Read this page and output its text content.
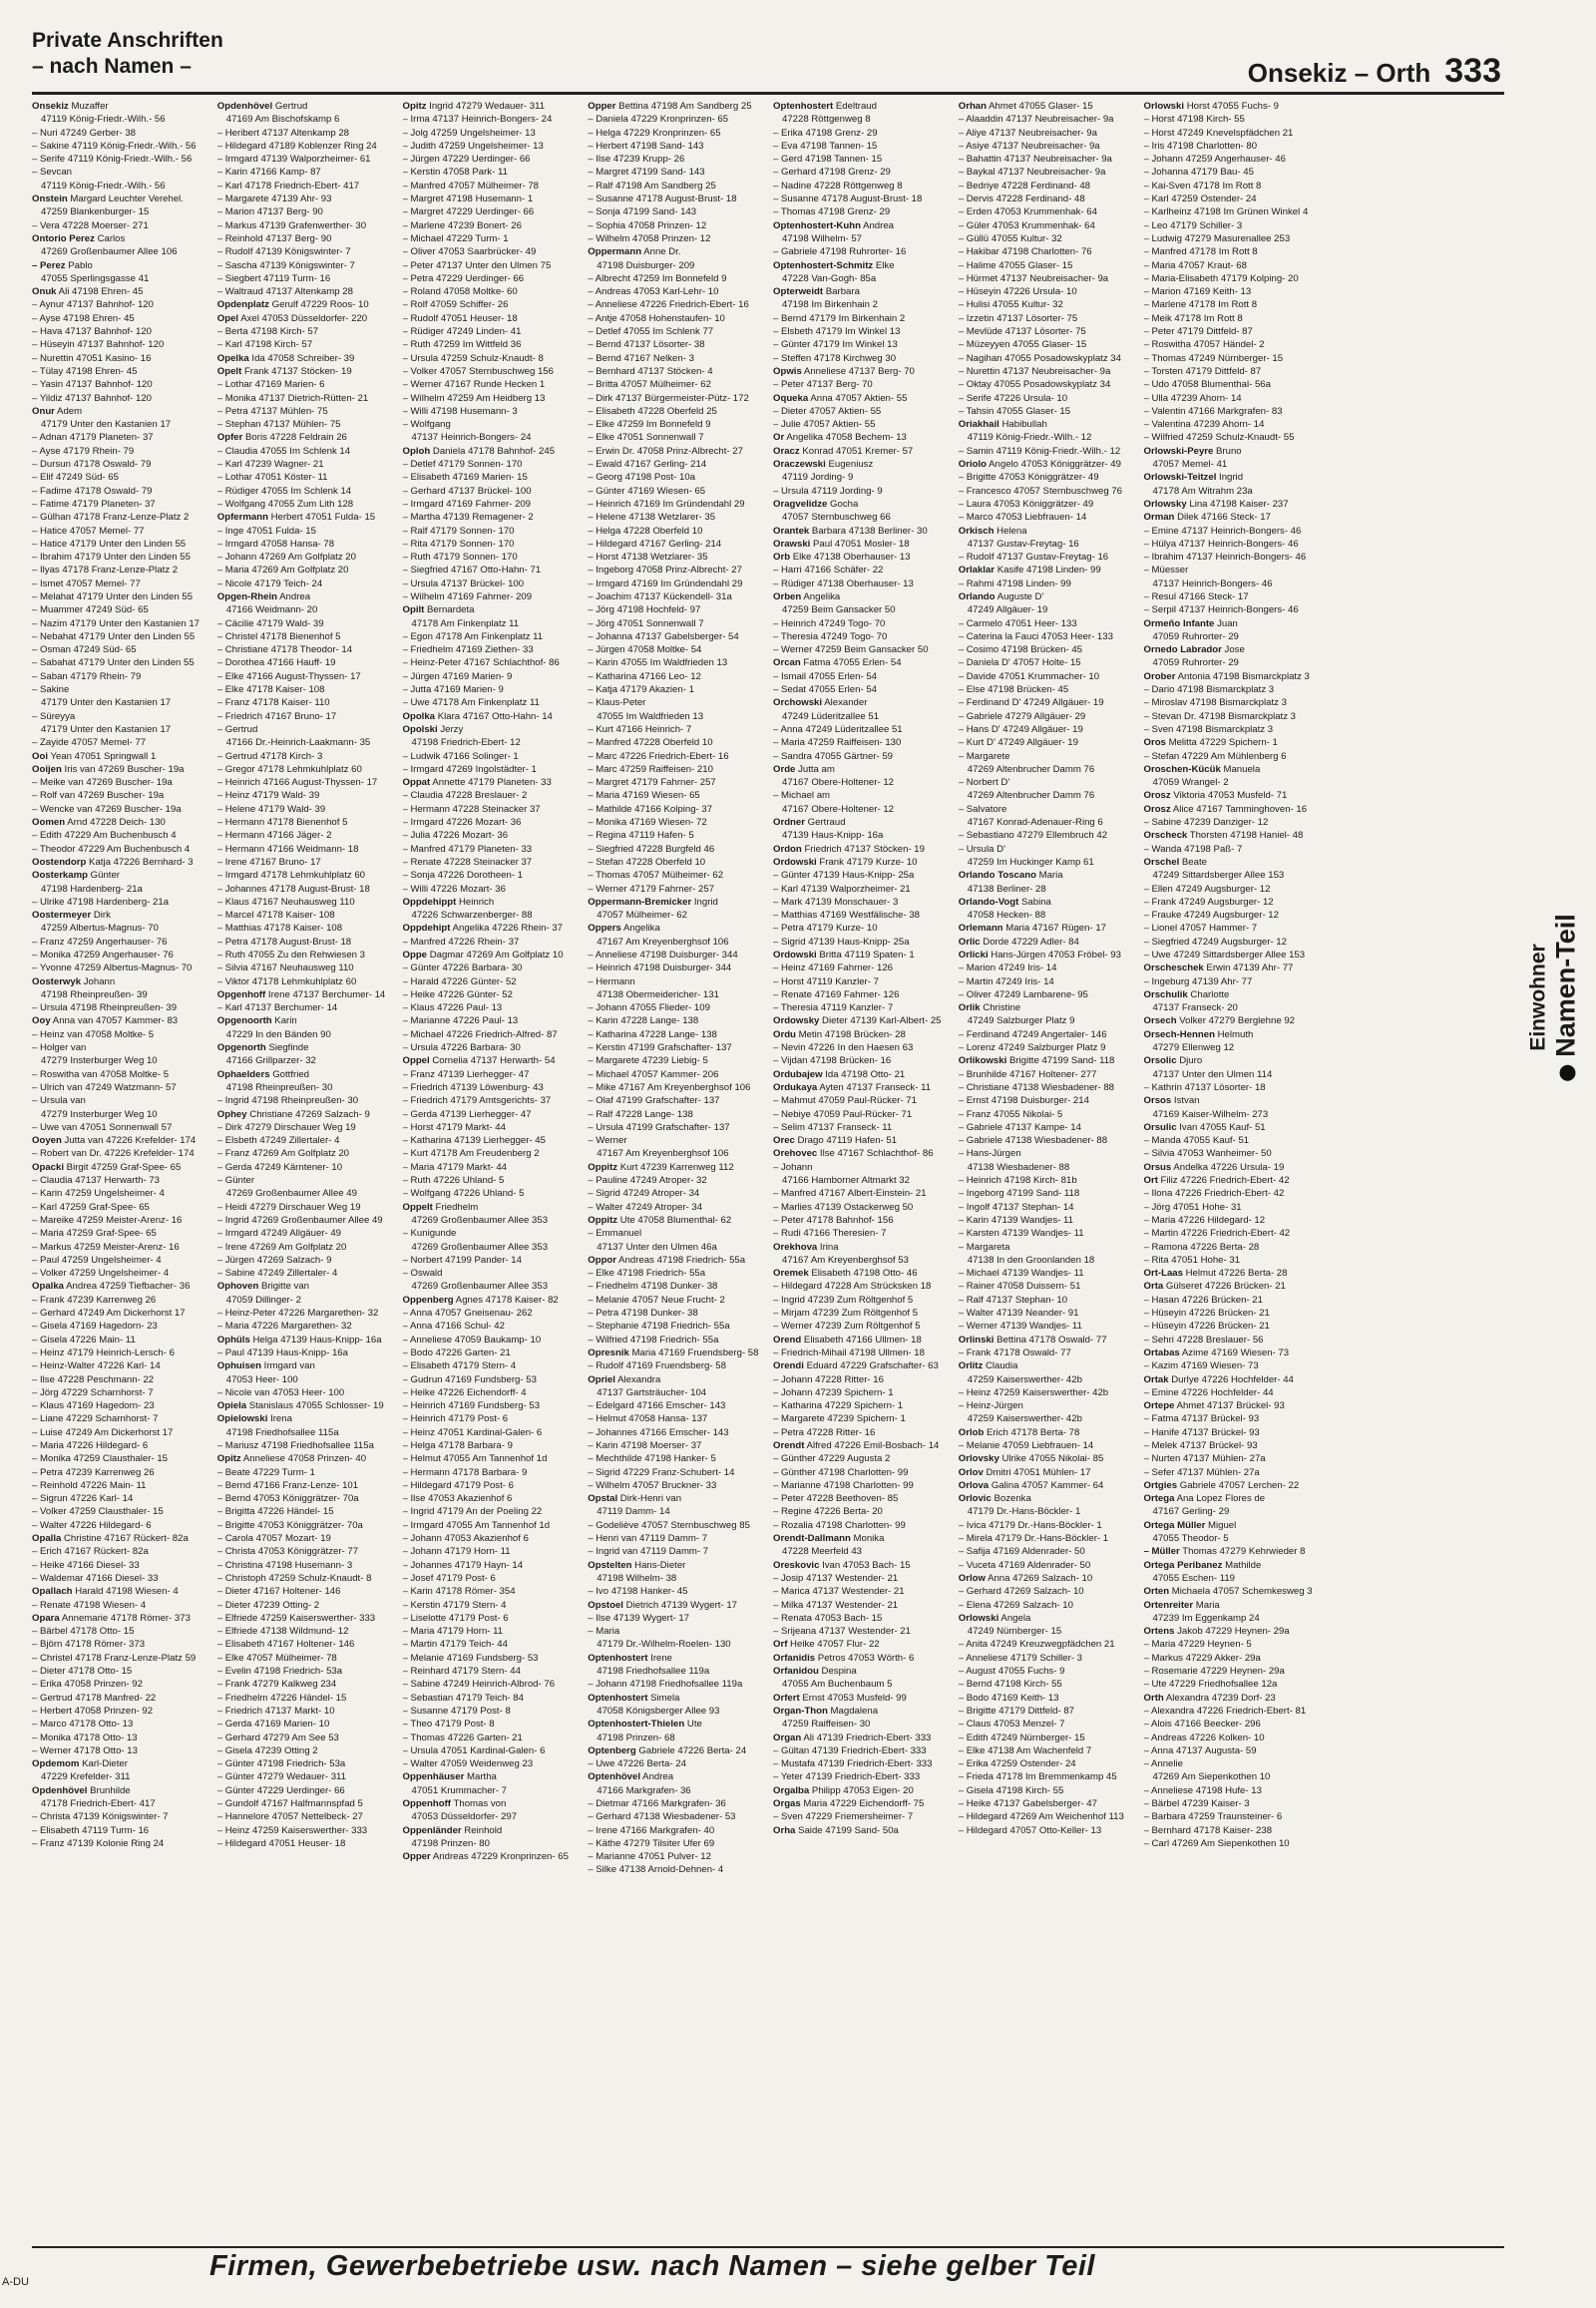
Private Anschriften
– nach Namen –	Onsekiz – Orth 333

Onsekiz Muzaffer

47119 König-Friedr.-Wilh.- 56

– Nuri 47249 Gerber- 38

– Sakine 47119 König-Friedr.-Wilh.- 56

– Serife 47119 König-Friedr.-Wilh.- 56

– Sevcan

47119 König-Friedr.-Wilh.- 56

Onstein Margard Leuchter Verehel.

47259 Blankenburger- 15

– Vera 47228 Moerser- 271

Ontorio Perez Carlos

47269 Großenbaumer Allee 106

– Perez Pablo

47055 Sperlingsgasse 41

Onuk Ali 47198 Ehren- 45

– Aynur 47137 Bahnhof- 120

– Ayse 47198 Ehren- 45

– Hava 47137 Bahnhof- 120

– Hüseyin 47137 Bahnhof- 120

– Nurettin 47051 Kasino- 16

– Tülay 47198 Ehren- 45

– Yasin 47137 Bahnhof- 120

– Yildiz 47137 Bahnhof- 120

Onur Adem

47179 Unter den Kastanien 17

– Adnan 47179 Planeten- 37

– Ayse 47179 Rhein- 79

– Dursun 47178 Oswald- 79

– Elif 47249 Süd- 65

– Fadime 47178 Oswald- 79

– Fatime 47179 Planeten- 37

– Gülhan 47178 Franz-Lenze-Platz 2

– Hatice 47057 Memel- 77

– Hatice 47179 Unter den Linden 55

– Ibrahim 47179 Unter den Linden 55

– Ilyas 47178 Franz-Lenze-Platz 2

– Ismet 47057 Memel- 77

– Melahat 47179 Unter den Linden 55

– Muammer 47249 Süd- 65

– Nazim 47179 Unter den Kastanien 17

– Nebahat 47179 Unter den Linden 55

– Osman 47249 Süd- 65

– Sabahat 47179 Unter den Linden 55

– Saban 47179 Rhein- 79

– Sakine

47179 Unter den Kastanien 17

– Süreyya

47179 Unter den Kastanien 17

– Zayide 47057 Memel- 77

Ooi Yean 47051 Springwall 1

Ooijen Iris van 47269 Buscher- 19a

– Meike van 47269 Buscher- 19a

– Rolf van 47269 Buscher- 19a

– Wencke van 47269 Buscher- 19a

Oomen Arnd 47228 Deich- 130

– Edith 47229 Am Buchenbusch 4

– Theodor 47229 Am Buchenbusch 4

Oostendorp Katja 47226 Bernhard- 3

Oosterkamp Günter

47198 Hardenberg- 21a

– Ulrike 47198 Hardenberg- 21a

Oostermeyer Dirk

47259 Albertus-Magnus- 70

– Franz 47259 Angerhauser- 76

– Monika 47259 Angerhauser- 76

– Yvonne 47259 Albertus-Magnus- 70

Oosterwyk Johann

47198 Rheinpreußen- 39

– Ursula 47198 Rheinpreußen- 39

Ooy Anna van 47057 Kammer- 83

– Heinz van 47058 Moltke- 5

– Holger van

47279 Insterburger Weg 10

– Roswitha van 47058 Moltke- 5

– Ulrich van 47249 Watzmann- 57

– Ursula van

47279 Insterburger Weg 10

– Uwe van 47051 Sonnenwall 57

Ooyen Jutta van 47226 Krefelder- 174

– Robert van Dr. 47226 Krefelder- 174

Opacki Birgit 47259 Graf-Spee- 65

– Claudia 47137 Herwarth- 73

– Karin 47259 Ungelsheimer- 4

– Karl 47259 Graf-Spee- 65

– Mareike 47259 Meister-Arenz- 16

– Maria 47259 Graf-Spee- 65

– Markus 47259 Meister-Arenz- 16

– Paul 47259 Ungelsheimer- 4

– Volker 47259 Ungelsheimer- 4

Opalka Andrea 47259 Tiefbacher- 36

– Frank 47239 Karrenweg 26

– Gerhard 47249 Am Dickerhorst 17

– Gisela 47169 Hagedorn- 23

– Gisela 47226 Main- 11

– Heinz 47179 Heinrich-Lersch- 6

– Heinz-Walter 47226 Karl- 14

– Ilse 47228 Peschmann- 22

– Jörg 47229 Scharnhorst- 7

– Klaus 47169 Hagedorn- 23

– Liane 47229 Scharnhorst- 7

– Luise 47249 Am Dickerhorst 17

– Maria 47226 Hildegard- 6

– Monika 47259 Clausthaler- 15

– Petra 47239 Karrenweg 26

– Reinhold 47226 Main- 11

– Sigrun 47226 Karl- 14

– Volker 47259 Clausthaler- 15

– Walter 47226 Hildegard- 6

Opalla Christine 47167 Rückert- 82a

– Erich 47167 Rückert- 82a

– Heike 47166 Diesel- 33

– Waldemar 47166 Diesel- 33

Opallach Harald 47198 Wiesen- 4

– Renate 47198 Wiesen- 4

Opara Annemarie 47178 Römer- 373

– Bärbel 47178 Otto- 15

– Björn 47178 Römer- 373

– Christel 47178 Franz-Lenze-Platz 59

– Dieter 47178 Otto- 15

– Erika 47058 Prinzen- 92

– Gertrud 47178 Manfred- 22

– Herbert 47058 Prinzen- 92

– Marco 47178 Otto- 13

– Monika 47178 Otto- 13

– Werner 47178 Otto- 13

Opdemom Karl-Dieter

47229 Krefelder- 311

Opdenhövel Brunhilde

47178 Friedrich-Ebert- 417

– Christa 47139 Königswinter- 7

– Elisabeth 47119 Turm- 16

– Franz 47139 Kolonie Ring 24

Opdenhövel Gertrud

47169 Am Bischofskamp 6

– Heribert 47137 Altenkamp 28

– Hildegard 47189 Koblenzer Ring 24

– Irmgard 47139 Walporzheimer- 61

– Karin 47166 Kamp- 87

– Karl 47178 Friedrich-Ebert- 417

– Margarete 47139 Ahr- 93

– Marion 47137 Berg- 90

– Markus 47139 Grafenwerther- 30

– Reinhold 47137 Berg- 90

– Rudolf 47139 Königswinter- 7

– Sascha 47139 Königswinter- 7

– Siegbert 47119 Turm- 16

– Waltraud 47137 Altenkamp 28

Opdenplatz Gerulf 47229 Roos- 10

Opel Axel 47053 Düsseldorfer- 220

– Berta 47198 Kirch- 57

– Karl 47198 Kirch- 57

Opelka Ida 47058 Schreiber- 39

Opelt Frank 47137 Stöcken- 19

– Lothar 47169 Marien- 6

– Monika 47137 Dietrich-Rütten- 21

– Petra 47137 Mühlen- 75

– Stephan 47137 Mühlen- 75

Opfer Boris 47228 Feldrain 26

– Claudia 47055 Im Schlenk 14

– Karl 47239 Wagner- 21

– Lothar 47051 Köster- 11

– Rüdiger 47055 Im Schlenk 14

– Wolfgang 47055 Zum Lith 128

Opfermann Herbert 47051 Fulda- 15

– Inge 47051 Fulda- 15

– Irmgard 47058 Hansa- 78

– Johann 47269 Am Golfplatz 20

– Maria 47269 Am Golfplatz 20

– Nicole 47179 Teich- 24

Opgen-Rhein Andrea

47166 Weidmann- 20

– Cäcilie 47179 Wald- 39

– Christel 47178 Bienenhof 5

– Christiane 47178 Theodor- 14

– Dorothea 47166 Hauff- 19

– Elke 47166 August-Thyssen- 17

– Elke 47178 Kaiser- 108

– Franz 47178 Kaiser- 110

– Friedrich 47167 Bruno- 17

– Gertrud

47166 Dr.-Heinrich-Laakmann- 35

– Gertrud 47178 Kirch- 3

– Gregor 47178 Lehmkuhlplatz 60

– Heinrich 47166 August-Thyssen- 17

– Heinz 47179 Wald- 39

– Helene 47179 Wald- 39

– Hermann 47178 Bienenhof 5

– Hermann 47166 Jäger- 2

– Hermann 47166 Weidmann- 18

– Irene 47167 Bruno- 17

– Irmgard 47178 Lehmkuhlplatz 60

– Johannes 47178 August-Brust- 18

– Klaus 47167 Neuhausweg 110

– Marcel 47178 Kaiser- 108

– Matthias 47178 Kaiser- 108

– Petra 47178 August-Brust- 18

– Ruth 47055 Zu den Rehwiesen 3

– Silvia 47167 Neuhausweg 110

– Viktor 47178 Lehmkuhlplatz 60

Opgenhoff Irene 47137 Berchumer- 14

– Karl 47137 Berchumer- 14

Opgenoorth Karin

47229 In den Bänden 90

Opgenorth Siegfinde

47166 Grillparzer- 32

Ophaelders Gottfried

47198 Rheinpreußen- 30

– Ingrid 47198 Rheinpreußen- 30

Ophey Christiane 47269 Salzach- 9

– Dirk 47279 Dirschauer Weg 19

– Elsbeth 47249 Zillertaler- 4

– Franz 47269 Am Golfplatz 20

– Gerda 47249 Kärntener- 10

– Günter

47269 Großenbaumer Allee 49

– Heidi 47279 Dirschauer Weg 19

– Ingrid 47269 Großenbaumer Allee 49

– Irmgard 47249 Allgäuer- 49

– Irene 47269 Am Golfplatz 20

– Jürgen 47269 Salzach- 9

– Sabine 47249 Zillertaler- 4

Ophoven Brigitte van

47059 Dillinger- 2

– Heinz-Peter 47226 Margarethen- 32

– Maria 47226 Margarethen- 32

Ophüls Helga 47139 Haus-Knipp- 16a

– Paul 47139 Haus-Knipp- 16a

Ophuisen Irmgard van

47053 Heer- 100

– Nicole van 47053 Heer- 100

Opiela Stanislaus 47055 Schlosser- 19

Opielowski Irena

47198 Friedhofsallee 115a

– Mariusz 47198 Friedhofsallee 115a

Opitz Anneliese 47058 Prinzen- 40

– Beate 47229 Turm- 1

– Bernd 47166 Franz-Lenze- 101

– Bernd 47053 Königgrätzer- 70a

– Brigitta 47226 Händel- 15

– Brigitte 47053 Königgrätzer- 70a

– Carola 47057 Mozart- 19

– Christa 47053 Königgrätzer- 77

– Christina 47198 Husemann- 3

– Christoph 47259 Schulz-Knaudt- 8

– Dieter 47167 Holtener- 146

– Dieter 47239 Otting- 2

– Elfriede 47259 Kaiserswerther- 333

– Elfriede 47138 Wildmund- 12

– Elisabeth 47167 Holtener- 146

– Elke 47057 Mülheimer- 78

– Evelin 47198 Friedrich- 53a

– Frank 47279 Kalkweg 234

– Friedhelm 47226 Händel- 15

– Friedrich 47137 Markt- 10

– Gerda 47169 Marien- 10

– Gerhard 47279 Am See 53

– Gisela 47239 Otting 2

– Günter 47198 Friedrich- 53a

– Günter 47279 Wedauer- 311

– Günter 47229 Uerdinger- 66

– Gundolf 47167 Halfmannspfad 5

– Hannelore 47057 Nettelbeck- 27

– Heinz 47259 Kaiserswerther- 333

– Hildegard 47051 Heuser- 18

Opitz Ingrid 47279 Wedauer- 311

– Irma 47137 Heinrich-Bongers- 24

– Jolg 47259 Ungelsheimer- 13

– Judith 47259 Ungelsheimer- 13

– Jürgen 47229 Uerdinger- 66

– Kerstin 47058 Park- 11

– Manfred 47057 Mülheimer- 78

– Margret 47198 Husemann- 1

– Margret 47229 Uerdinger- 66

– Marlene 47239 Bonert- 26

– Michael 47229 Turm- 1

– Oliver 47053 Saarbrücker- 49

– Peter 47137 Unter den Ulmen 75

– Petra 47229 Uerdinger- 66

– Roland 47058 Moltke- 60

– Rolf 47059 Schiffer- 26

– Rudolf 47051 Heuser- 18

– Rüdiger 47249 Linden- 41

– Ruth 47259 Im Wittfeld 36

– Ursula 47259 Schulz-Knaudt- 8

– Volker 47057 Sternbuschweg 156

– Werner 47167 Runde Hecken 1

– Wilhelm 47259 Am Heidberg 13

– Willi 47198 Husemann- 3

– Wolfgang

47137 Heinrich-Bongers- 24

Oploh Daniela 47178 Bahnhof- 245

– Detlef 47179 Sonnen- 170

– Elisabeth 47169 Marien- 15

– Gerhard 47137 Brückel- 100

– Irmgard 47169 Fahrner- 209

– Martha 47139 Remagener- 2

– Ralf 47179 Sonnen- 170

– Rita 47179 Sonnen- 170

– Ruth 47179 Sonnen- 170

– Siegfried 47167 Otto-Hahn- 71

– Ursula 47137 Brückel- 100

– Wilhelm 47169 Fahrner- 209

Opilt Bernardeta

47178 Am Finkenplatz 11

– Egon 47178 Am Finkenplatz 11

– Friedhelm 47169 Ziethen- 33

– Heinz-Peter 47167 Schlachthof- 86

– Jürgen 47169 Marien- 9

– Jutta 47169 Marien- 9

– Uwe 47178 Am Finkenplatz 11

Opolka Klara 47167 Otto-Hahn- 14

Opolski Jerzy

47198 Friedrich-Ebert- 12

– Ludwik 47166 Solinger- 1

– Irmgard 47269 Ingolstädter- 1

Oppat Annette 47179 Planeten- 33

– Claudia 47228 Breslauer- 2

– Hermann 47228 Steinacker 37

– Irmgard 47226 Mozart- 36

– Julia 47226 Mozart- 36

– Manfred 47179 Planeten- 33

– Renate 47228 Steinacker 37

– Sonja 47226 Dorotheen- 1

– Willi 47226 Mozart- 36

Oppdehippt Heinrich

47226 Schwarzenberger- 88

Oppdehipt Angelika 47226 Rhein- 37

– Manfred 47226 Rhein- 37

Oppe Dagmar 47269 Am Golfplatz 10

– Günter 47226 Barbara- 30

– Harald 47226 Günter- 52

– Heike 47226 Günter- 52

– Klaus 47226 Paul- 13

– Marianne 47226 Paul- 13

– Michael 47226 Friedrich-Alfred- 87

– Ursula 47226 Barbara- 30

Oppel Cornelia 47137 Herwarth- 54

– Franz 47139 Lierhegger- 47

– Friedrich 47139 Löwenburg- 43

– Friedrich 47179 Amtsgerichts- 37

– Gerda 47139 Lierhegger- 47

– Horst 47179 Markt- 44

– Katharina 47139 Lierhegger- 45

– Kurt 47178 Am Freudenberg 2

– Maria 47179 Markt- 44

– Ruth 47226 Uhland- 5

– Wolfgang 47226 Uhland- 5

Oppelt Friedhelm

47269 Großenbaumer Allee 353

– Kunigunde

47269 Großenbaumer Allee 353

– Norbert 47199 Pander- 14

– Oswald

47269 Großenbaumer Allee 353

Oppenberg Agnes 47178 Kaiser- 82

– Anna 47057 Gneisenau- 262

– Anna 47166 Schul- 42

– Anneliese 47059 Baukamp- 10

– Bodo 47226 Garten- 21

– Elisabeth 47179 Stern- 4

– Gudrun 47169 Fundsberg- 53

– Heike 47226 Eichendorff- 4

– Heinrich 47169 Fundsberg- 53

– Heinrich 47179 Post- 6

– Heinz 47051 Kardinal-Galen- 6

– Helga 47178 Barbara- 9

– Helmut 47055 Am Tannenhof 1d

– Hermann 47178 Barbara- 9

– Hildegard 47179 Post- 6

– Ilse 47053 Akazienhof 6

– Ingrid 47179 An der Poeling 22

– Irmgard 47055 Am Tannenhof 1d

– Johann 47053 Akazienhof 6

– Johann 47179 Horn- 11

– Johannes 47179 Hayn- 14

– Josef 47179 Post- 6

– Karin 47178 Römer- 354

– Kerstin 47179 Stern- 4

– Liselotte 47179 Post- 6

– Maria 47179 Horn- 11

– Martin 47179 Teich- 44

– Melanie 47169 Fundsberg- 53

– Reinhard 47179 Stern- 44

– Sabine 47249 Heinrich-Albrod- 76

– Sebastian 47179 Teich- 84

– Susanne 47179 Post- 8

– Theo 47179 Post- 8

– Thomas 47226 Garten- 21

– Ursula 47051 Kardinal-Galen- 6

– Walter 47059 Weidenweg 23

Oppenhäuser Martha

47051 Krummacher- 7

Oppenhoff Thomas von

47053 Düsseldorfer- 297

Oppenländer Reinhold

47198 Prinzen- 80

Opper Andreas 47229 Kronprinzen- 65

Opper Bettina 47198 Am Sandberg 25

– Daniela 47229 Kronprinzen- 65

– Helga 47229 Kronprinzen- 65

– Herbert 47198 Sand- 143

– Ilse 47239 Krupp- 26

– Margret 47199 Sand- 143

– Ralf 47198 Am Sandberg 25

– Susanne 47178 August-Brust- 18

– Sonja 47199 Sand- 143

– Sophia 47058 Prinzen- 12

– Wilhelm 47058 Prinzen- 12

Oppermann Anne Dr.

47198 Duisburger- 209

– Albrecht 47259 Im Bonnefeld 9

– Andreas 47053 Karl-Lehr- 10

– Anneliese 47226 Friedrich-Ebert- 16

– Antje 47058 Hohenstaufen- 10

– Detlef 47055 Im Schlenk 77

– Bernd 47137 Lösorter- 38

– Bernd 47167 Nelken- 3

– Bernhard 47137 Stöcken- 4

– Britta 47057 Mülheimer- 62

– Dirk 47137 Bürgermeister-Pütz- 172

– Elisabeth 47228 Oberfeld 25

– Elke 47259 Im Bonnefeld 9

– Elke 47051 Sonnenwall 7

– Erwin Dr. 47058 Prinz-Albrecht- 27

– Ewald 47167 Gerling- 214

– Georg 47198 Post- 10a

– Günter 47169 Wiesen- 65

– Heinrich 47169 Im Gründendahl 29

– Helene 47138 Wetzlarer- 35

– Helga 47228 Oberfeld 10

– Hildegard 47167 Gerling- 214

– Horst 47138 Wetzlarer- 35

– Ingeborg 47058 Prinz-Albrecht- 27

– Irmgard 47169 Im Gründendahl 29

– Joachim 47137 Kückendell- 31a

– Jörg 47198 Hochfeld- 97

– Jörg 47051 Sonnenwall 7

– Johanna 47137 Gabelsberger- 54

– Jürgen 47058 Moltke- 54

– Karin 47055 Im Waldfrieden 13

– Katharina 47166 Leo- 12

– Katja 47179 Akazien- 1

– Klaus-Peter

47055 Im Waldfrieden 13

– Kurt 47166 Heinrich- 7

– Manfred 47228 Oberfeld 10

– Marc 47226 Friedrich-Ebert- 16

– Marc 47259 Raiffeisen- 210

– Margret 47179 Fahrner- 257

– Maria 47169 Wiesen- 65

– Mathilde 47166 Kolping- 37

– Monika 47169 Wiesen- 72

– Regina 47119 Hafen- 5

– Siegfried 47228 Burgfeld 46

– Stefan 47228 Oberfeld 10

– Thomas 47057 Mülheimer- 62

– Werner 47179 Fahrner- 257

Oppermann-Bremicker Ingrid

47057 Mülheimer- 62

Oppers Angelika

47167 Am Kreyenberghsof 106

– Anneliese 47198 Duisburger- 344

– Heinrich 47198 Duisburger- 344

– Hermann

47138 Obermeidericher- 131

– Johann 47055 Flieder- 109

– Karin 47228 Lange- 138

– Katharina 47228 Lange- 138

– Kerstin 47199 Grafschafter- 137

– Margarete 47239 Liebig- 5

– Michael 47057 Kammer- 206

– Mike 47167 Am Kreyenberghsof 106

– Olaf 47199 Grafschafter- 137

– Ralf 47228 Lange- 138

– Ursula 47199 Grafschafter- 137

– Werner

47167 Am Kreyenberghsof 106

Oppitz Kurt 47239 Karrenweg 112

– Pauline 47249 Atroper- 32

– Sigrid 47249 Atroper- 34

– Walter 47249 Atroper- 34

Oppitz Ute 47058 Blumenthal- 62

– Emmanuel

47137 Unter den Ulmen 46a

Oppor Andreas 47198 Friedrich- 55a

– Elke 47198 Friedrich- 55a

– Friedhelm 47198 Dunker- 38

– Melanie 47057 Neue Frucht- 2

– Petra 47198 Dunker- 38

– Stephanie 47198 Friedrich- 55a

– Wilfried 47198 Friedrich- 55a

Opresnik Maria 47169 Fruendsberg- 58

– Rudolf 47169 Fruendsberg- 58

Opriel Alexandra

47137 Gartsträucher- 104

– Edelgard 47166 Emscher- 143

– Helmut 47058 Hansa- 137

– Johannes 47166 Emscher- 143

– Karin 47198 Moerser- 37

– Mechthilde 47198 Hanker- 5

– Sigrid 47229 Franz-Schubert- 14

– Wilhelm 47057 Bruckner- 33

Opstal Dirk-Henri van

47119 Damm- 14

– Godeliève 47057 Sternbuschweg 85

– Henri van 47119 Damm- 7

– Ingrid van 47119 Damm- 7

Opstelten Hans-Dieter

47198 Wilhelm- 38

– Ivo 47198 Hanker- 45

Opstoel Dietrich 47139 Wygert- 17

– Ilse 47139 Wygert- 17

– Maria

47179 Dr.-Wilhelm-Roelen- 130

Optenhostert Irene

47198 Friedhofsallee 119a

– Johann 47198 Friedhofsallee 119a

Optenhostert Simela

47058 Königsberger Allee 93

Optenhostert-Thielen Ute

47198 Prinzen- 68

Optenberg Gabriele 47226 Berta- 24

– Uwe 47226 Berta- 24

Optenhövel Andrea

47166 Markgrafen- 36

– Dietmar 47166 Markgrafen- 36

– Gerhard 47138 Wiesbadener- 53

– Irene 47166 Markgrafen- 40

– Käthe 47279 Tilsiter Ufer 69

– Marianne 47051 Pulver- 12

– Silke 47138 Arnold-Dehnen- 4

Optenhostert Edeltraud

47228 Röttgenweg 8

– Erika 47198 Grenz- 29

– Eva 47198 Tannen- 15

– Gerd 47198 Tannen- 15

– Gerhard 47198 Grenz- 29

– Nadine 47228 Röttgenweg 8

– Susanne 47178 August-Brust- 18

– Thomas 47198 Grenz- 29

Optenhostert-Kuhn Andrea

47198 Wilhelm- 57

– Gabriele 47198 Ruhrorter- 16

Optenhostert-Schmitz Elke

47228 Van-Gogh- 85a

Opterweidt Barbara

47198 Im Birkenhain 2

– Bernd 47179 Im Birkenhain 2

– Elsbeth 47179 Im Winkel 13

– Günter 47179 Im Winkel 13

– Steffen 47178 Kirchweg 30

Opwis Anneliese 47137 Berg- 70

– Peter 47137 Berg- 70

Oqueka Anna 47057 Aktien- 55

– Dieter 47057 Aktien- 55

– Julie 47057 Aktien- 55

Or Angelika 47058 Bechem- 13

Oracz Konrad 47051 Kremer- 57

Oraczewski Eugeniusz

47119 Jording- 9

– Ursula 47119 Jording- 9

Oragvelidze Gocha

47057 Sternbuschweg 66

Orantek Barbara 47138 Berliner- 30

Orawski Paul 47051 Mosler- 18

Orb Elke 47138 Oberhauser- 13

– Harri 47166 Schäfer- 22

– Rüdiger 47138 Oberhauser- 13

Orben Angelika

47259 Beim Gansacker 50

– Heinrich 47249 Togo- 70

– Theresia 47249 Togo- 70

– Werner 47259 Beim Gansacker 50

Orcan Fatma 47055 Erlen- 54

– Ismail 47055 Erlen- 54

– Sedat 47055 Erlen- 54

Orchowski Alexander

47249 Lüderitzallee 51

– Anna 47249 Lüderitzallee 51

– Maria 47259 Raiffeisen- 130

– Sandra 47055 Gärtner- 59

Orde Jutta am

47167 Obere-Holtener- 12

– Michael am

47167 Obere-Holtener- 12

Ordner Gertraud

47139 Haus-Knipp- 16a

Ordon Friedrich 47137 Stöcken- 19

Ordowski Frank 47179 Kurze- 10

– Günter 47139 Haus-Knipp- 25a

– Karl 47139 Walporzheimer- 21

– Mark 47139 Monschauer- 3

– Matthias 47169 Westfälische- 38

– Petra 47179 Kurze- 10

– Sigrid 47139 Haus-Knipp- 25a

Ordowski Britta 47119 Spaten- 1

– Heinz 47169 Fahrner- 126

– Horst 47119 Kanzler- 7

– Renate 47169 Fahrner- 126

– Theresia 47119 Kanzler- 7

Ordowsky Dieter 47139 Karl-Albert- 25

Ordu Metin 47198 Brücken- 28

– Nevin 47226 In den Haesen 63

– Vijdan 47198 Brücken- 16

Ordubajew Ida 47198 Otto- 21

Ordukaya Ayten 47137 Franseck- 11

– Mahmut 47059 Paul-Rücker- 71

– Nebiye 47059 Paul-Rücker- 71

– Selim 47137 Franseck- 11

Orec Drago 47119 Hafen- 51

Orehovec Ilse 47167 Schlachthof- 86

– Johann

47166 Hamborner Altmarkt 32

– Manfred 47167 Albert-Einstein- 21

– Marlies 47139 Ostackerweg 50

– Peter 47178 Bahnhof- 156

– Rudi 47166 Theresien- 7

Orekhova Irina

47167 Am Kreyenberghsof 53

Oremek Elisabeth 47198 Otto- 46

– Hildegard 47228 Am Strücksken 18

– Ingrid 47239 Zum Röltgenhof 5

– Mirjam 47239 Zum Röltgenhof 5

– Werner 47239 Zum Röltgenhof 5

Orend Elisabeth 47166 Ullmen- 18

– Friedrich-Mihail 47198 Ullmen- 18

Orendi Eduard 47229 Grafschafter- 63

– Johann 47228 Ritter- 16

– Johann 47239 Spichern- 1

– Katharina 47229 Spichern- 1

– Margarete 47239 Spichern- 1

– Petra 47228 Ritter- 16

Orendt Alfred 47226 Emil-Bosbach- 14

– Günther 47229 Augusta 2

– Günther 47198 Charlotten- 99

– Marianne 47198 Charlotten- 99

– Peter 47228 Beethoven- 85

– Regine 47226 Berta- 20

– Rozalia 47198 Charlotten- 99

Orendt-Dallmann Monika

47228 Meerfeld 43

Oreskovic Ivan 47053 Bach- 15

– Josip 47137 Westender- 21

– Marica 47137 Westender- 21

– Milka 47137 Westender- 21

– Renata 47053 Bach- 15

– Srijeana 47137 Westender- 21

Orf Heike 47057 Flur- 22

Orfanidis Petros 47053 Wörth- 6

Orfanidou Despina

47055 Am Buchenbaum 5

Orfert Ernst 47053 Musfeld- 99

Organ-Thon Magdalena

47259 Raiffeisen- 30

Organ Ali 47139 Friedrich-Ebert- 333

– Gültan 47139 Friedrich-Ebert- 333

– Mustafa 47139 Friedrich-Ebert- 333

– Yeter 47139 Friedrich-Ebert- 333

Orgalba Philipp 47053 Eigen- 20

Orgas Maria 47229 Eichendorff- 75

– Sven 47229 Friemersheimer- 7

Orha Saide 47199 Sand- 50a

Orhan Ahmet 47055 Glaser- 15

– Alaaddin 47137 Neubreisacher- 9a

– Aliye 47137 Neubreisacher- 9a

– Asiye 47137 Neubreisacher- 9a

– Bahattin 47137 Neubreisacher- 9a

– Baykal 47137 Neubreisacher- 9a

– Bedriye 47228 Ferdinand- 48

– Dervis 47228 Ferdinand- 48

– Erden 47053 Krummenhak- 64

– Güler 47053 Krummenhak- 64

– Güllü 47055 Kultur- 32

– Hakibar 47198 Charlotten- 76

– Halime 47055 Glaser- 15

– Hürmet 47137 Neubreisacher- 9a

– Hüseyin 47226 Ursula- 10

– Hulisi 47055 Kultur- 32

– Izzetin 47137 Lösorter- 75

– Mevlüde 47137 Lösorter- 75

– Müzeyyen 47055 Glaser- 15

– Nagihan 47055 Posadowskyplatz 34

– Nurettin 47137 Neubreisacher- 9a

– Oktay 47055 Posadowskyplatz 34

– Serife 47226 Ursula- 10

– Tahsin 47055 Glaser- 15

Oriakhail Habibullah

47119 König-Friedr.-Wilh.- 12

– Samin 47119 König-Friedr.-Wilh.- 12

Oriolo Angelo 47053 Königgrätzer- 49

– Brigitte 47053 Königgrätzer- 49

– Francesco 47057 Sternbuschweg 76

– Laura 47053 Königgrätzer- 49

– Marco 47053 Liebfrauen- 14

Orkisch Helena

47137 Gustav-Freytag- 16

– Rudolf 47137 Gustav-Freytag- 16

Orlaklar Kasife 47198 Linden- 99

– Rahmi 47198 Linden- 99

Orlando Auguste D'

47249 Allgäuer- 19

– Carmelo 47051 Heer- 133

– Caterina la Fauci 47053 Heer- 133

– Cosimo 47198 Brücken- 45

– Daniela D' 47057 Holte- 15

– Davide 47051 Krummacher- 10

– Else 47198 Brücken- 45

– Ferdinand D' 47249 Allgäuer- 19

– Gabriele 47279 Allgäuer- 29

– Hans D' 47249 Allgäuer- 19

– Kurt D' 47249 Allgäuer- 19

– Margarete

47269 Altenbrucher Damm 76

– Norbert D'

47269 Altenbrucher Damm 76

– Salvatore

47167 Konrad-Adenauer-Ring 6

– Sebastiano 47279 Ellembruch 42

– Ursula D'

47259 Im Huckinger Kamp 61

Orlando Toscano Maria

47138 Berliner- 28

Orlando-Vogt Sabina

47058 Hecken- 88

Orlemann Maria 47167 Rügen- 17

Orlic Dorde 47229 Adler- 84

Orlicki Hans-Jürgen 47053 Fröbel- 93

– Marion 47249 Iris- 14

– Martin 47249 Iris- 14

– Oliver 47249 Lambarene- 95

Orlik Christine

47249 Salzburger Platz 9

– Ferdinand 47249 Angertaler- 146

– Lorenz 47249 Salzburger Platz 9

Orlikowski Brigitte 47199 Sand- 118

– Brunhilde 47167 Holtener- 277

– Christiane 47138 Wiesbadener- 88

– Ernst 47198 Duisburger- 214

– Franz 47055 Nikolai- 5

– Gabriele 47137 Kampe- 14

– Gabriele 47138 Wiesbadener- 88

– Hans-Jürgen

47138 Wiesbadener- 88

– Heinrich 47198 Kirch- 81b

– Ingeborg 47199 Sand- 118

– Ingolf 47137 Stephan- 14

– Karin 47139 Wandjes- 11

– Karsten 47139 Wandjes- 11

– Margareta

47138 In den Groonlanden 18

– Michael 47139 Wandjes- 11

– Rainer 47058 Duissern- 51

– Ralf 47137 Stephan- 10

– Walter 47139 Neander- 91

– Werner 47139 Wandjes- 11

Orlinski Bettina 47178 Oswald- 77

– Frank 47178 Oswald- 77

Orlitz Claudia

47259 Kaiserswerther- 42b

– Heinz 47259 Kaiserswerther- 42b

– Heinz-Jürgen

47259 Kaiserswerther- 42b

Orlob Erich 47178 Berta- 78

– Melanie 47059 Liebfrauen- 14

Orlovsky Ulrike 47055 Nikolai- 85

Orlov Dmitri 47051 Mühlen- 17

Orlova Galina 47057 Kammer- 64

Orlovic Bozenka

47179 Dr.-Hans-Böckler- 1

– Ivica 47179 Dr.-Hans-Böckler- 1

– Mirela 47179 Dr.-Hans-Böckler- 1

– Safija 47169 Aldenrader- 50

– Vuceta 47169 Aldenrader- 50

Orlow Anna 47269 Salzach- 10

– Gerhard 47269 Salzach- 10

– Elena 47269 Salzach- 10

Orlowski Angela

47249 Nürnberger- 15

– Anita 47249 Kreuzwegpfädchen 21

– Anneliese 47179 Schiller- 3

– August 47055 Fuchs- 9

– Bernd 47198 Kirch- 55

– Bodo 47169 Keith- 13

– Brigitte 47179 Dittfeld- 87

– Claus 47053 Menzel- 7

– Edith 47249 Nürnberger- 15

– Elke 47138 Am Wachenfeld 7

– Erika 47259 Ostender- 24

– Frieda 47178 Im Bremmenkamp 45

– Gisela 47198 Kirch- 55

– Heike 47137 Gabelsberger- 47

– Hildegard 47269 Am Weichenhof 113

– Hildegard 47057 Otto-Keller- 13

Orlowski Horst 47055 Fuchs- 9

– Horst 47198 Kirch- 55

– Horst 47249 Knevelspfädchen 21

– Iris 47198 Charlotten- 80

– Johann 47259 Angerhauser- 46

– Johanna 47179 Bau- 45

– Kai-Sven 47178 Im Rott 8

– Karl 47259 Ostender- 24

– Karlheinz 47198 Im Grünen Winkel 4

– Leo 47179 Schiller- 3

– Ludwig 47279 Masurenallee 253

– Manfred 47178 Im Rott 8

– Maria 47057 Kraut- 68

– Maria-Elisabeth 47179 Kolping- 20

– Marion 47169 Keith- 13

– Marlene 47178 Im Rott 8

– Meik 47178 Im Rott 8

– Peter 47179 Dittfeld- 87

– Roswitha 47057 Händel- 2

– Thomas 47249 Nürnberger- 15

– Torsten 47179 Dittfeld- 87

– Udo 47058 Blumenthal- 56a

– Ulla 47239 Ahorn- 14

– Valentin 47166 Markgrafen- 83

– Valentina 47239 Ahorn- 14

– Wilfried 47259 Schulz-Knaudt- 55

Orlowski-Peyre Bruno

47057 Memel- 41

Orlowski-Teitzel Ingrid

47178 Am Witrahm 23a

Orlowsky Lina 47198 Kaiser- 237

Orman Dilek 47166 Steck- 17

– Emine 47137 Heinrich-Bongers- 46

– Hülya 47137 Heinrich-Bongers- 46

– Ibrahim 47137 Heinrich-Bongers- 46

– Müesser

47137 Heinrich-Bongers- 46

– Resul 47166 Steck- 17

– Serpil 47137 Heinrich-Bongers- 46

Ormeño Infante Juan

47059 Ruhrorter- 29

Ornedo Labrador Jose

47059 Ruhrorter- 29

Orober Antonia 47198 Bismarckplatz 3

– Dario 47198 Bismarckplatz 3

– Miroslav 47198 Bismarckplatz 3

– Stevan Dr. 47198 Bismarckplatz 3

– Sven 47198 Bismarckplatz 3

Oros Melitta 47229 Spichern- 1

– Stefan 47229 Am Mühlenberg 6

Oroschen-Kücük Manuela

47059 Wrangel- 2

Orosz Viktoria 47053 Musfeld- 71

Orosz Alice 47167 Tamminghoven- 16

– Sabine 47239 Danziger- 12

Orscheck Thorsten 47198 Haniel- 48

– Wanda 47198 Paß- 7

Orschel Beate

47249 Sittardsberger Allee 153

– Ellen 47249 Augsburger- 12

– Frank 47249 Augsburger- 12

– Frauke 47249 Augsburger- 12

– Lionel 47057 Hammer- 7

– Siegfried 47249 Augsburger- 12

– Uwe 47249 Sittardsberger Allee 153

Orscheschek Erwin 47139 Ahr- 77

– Ingeburg 47139 Ahr- 77

Orschulik Charlotte

47137 Franseck- 20

Orsech Volker 47279 Berglehne 92

Orsech-Hennen Helmuth

47279 Ellenweg 12

Orsolic Djuro

47137 Unter den Ulmen 114

– Kathrin 47137 Lösorter- 18

Orsos Istvan

47169 Kaiser-Wilhelm- 273

Orsulic Ivan 47055 Kauf- 51

– Manda 47055 Kauf- 51

– Silvia 47053 Wanheimer- 50

Orsus Andelka 47226 Ursula- 19

Ort Filiz 47226 Friedrich-Ebert- 42

– Ilona 47226 Friedrich-Ebert- 42

– Jörg 47051 Hohe- 31

– Maria 47226 Hildegard- 12

– Martin 47226 Friedrich-Ebert- 42

– Ramona 47226 Berta- 28

– Rita 47051 Hohe- 31

Ort-Laas Helmut 47226 Berta- 28

Orta Gülseret 47226 Brücken- 21

– Hasan 47226 Brücken- 21

– Hüseyin 47226 Brücken- 21

– Hüseyin 47226 Brücken- 21

– Sehri 47228 Breslauer- 56

Ortabas Azime 47169 Wiesen- 73

– Kazim 47169 Wiesen- 73

Ortak Durlye 47226 Hochfelder- 44

– Emine 47226 Hochfelder- 44

Ortepe Ahmet 47137 Brückel- 93

– Fatma 47137 Brückel- 93

– Hanife 47137 Brückel- 93

– Melek 47137 Brückel- 93

– Nurten 47137 Mühlen- 27a

– Sefer 47137 Mühlen- 27a

Ortgies Gabriele 47057 Lerchen- 22

Ortega Ana Lopez Flores de

47167 Gerling- 29

Ortega Müller Miguel

47055 Theodor- 5

– Müller Thomas 47279 Kehrwieder 8

Ortega Peribanez Mathilde

47055 Eschen- 119

Orten Michaela 47057 Schemkesweg 3

Ortenreiter Maria

47239 Im Eggenkamp 24

Ortens Jakob 47229 Heynen- 29a

– Maria 47229 Heynen- 5

– Markus 47229 Akker- 29a

– Rosemarie 47229 Heynen- 29a

– Ute 47229 Friedhofsallee 12a

Orth Alexandra 47239 Dorf- 23

– Alexandra 47226 Friedrich-Ebert- 81

– Alois 47166 Beecker- 296

– Andreas 47226 Kolken- 10

– Anna 47137 Augusta- 59

– Annelie

47269 Am Siepenkothen 10

– Anneliese 47198 Hufe- 13

– Bärbel 47239 Kaiser- 3

– Barbara 47259 Traunsteiner- 6

– Bernhard 47178 Kaiser- 238

– Carl 47269 Am Siepenkothen 10

Einwohner Namen-Teil
Firmen, Gewerbebetriebe usw. nach Namen – siehe gelber Teil
A-DU
